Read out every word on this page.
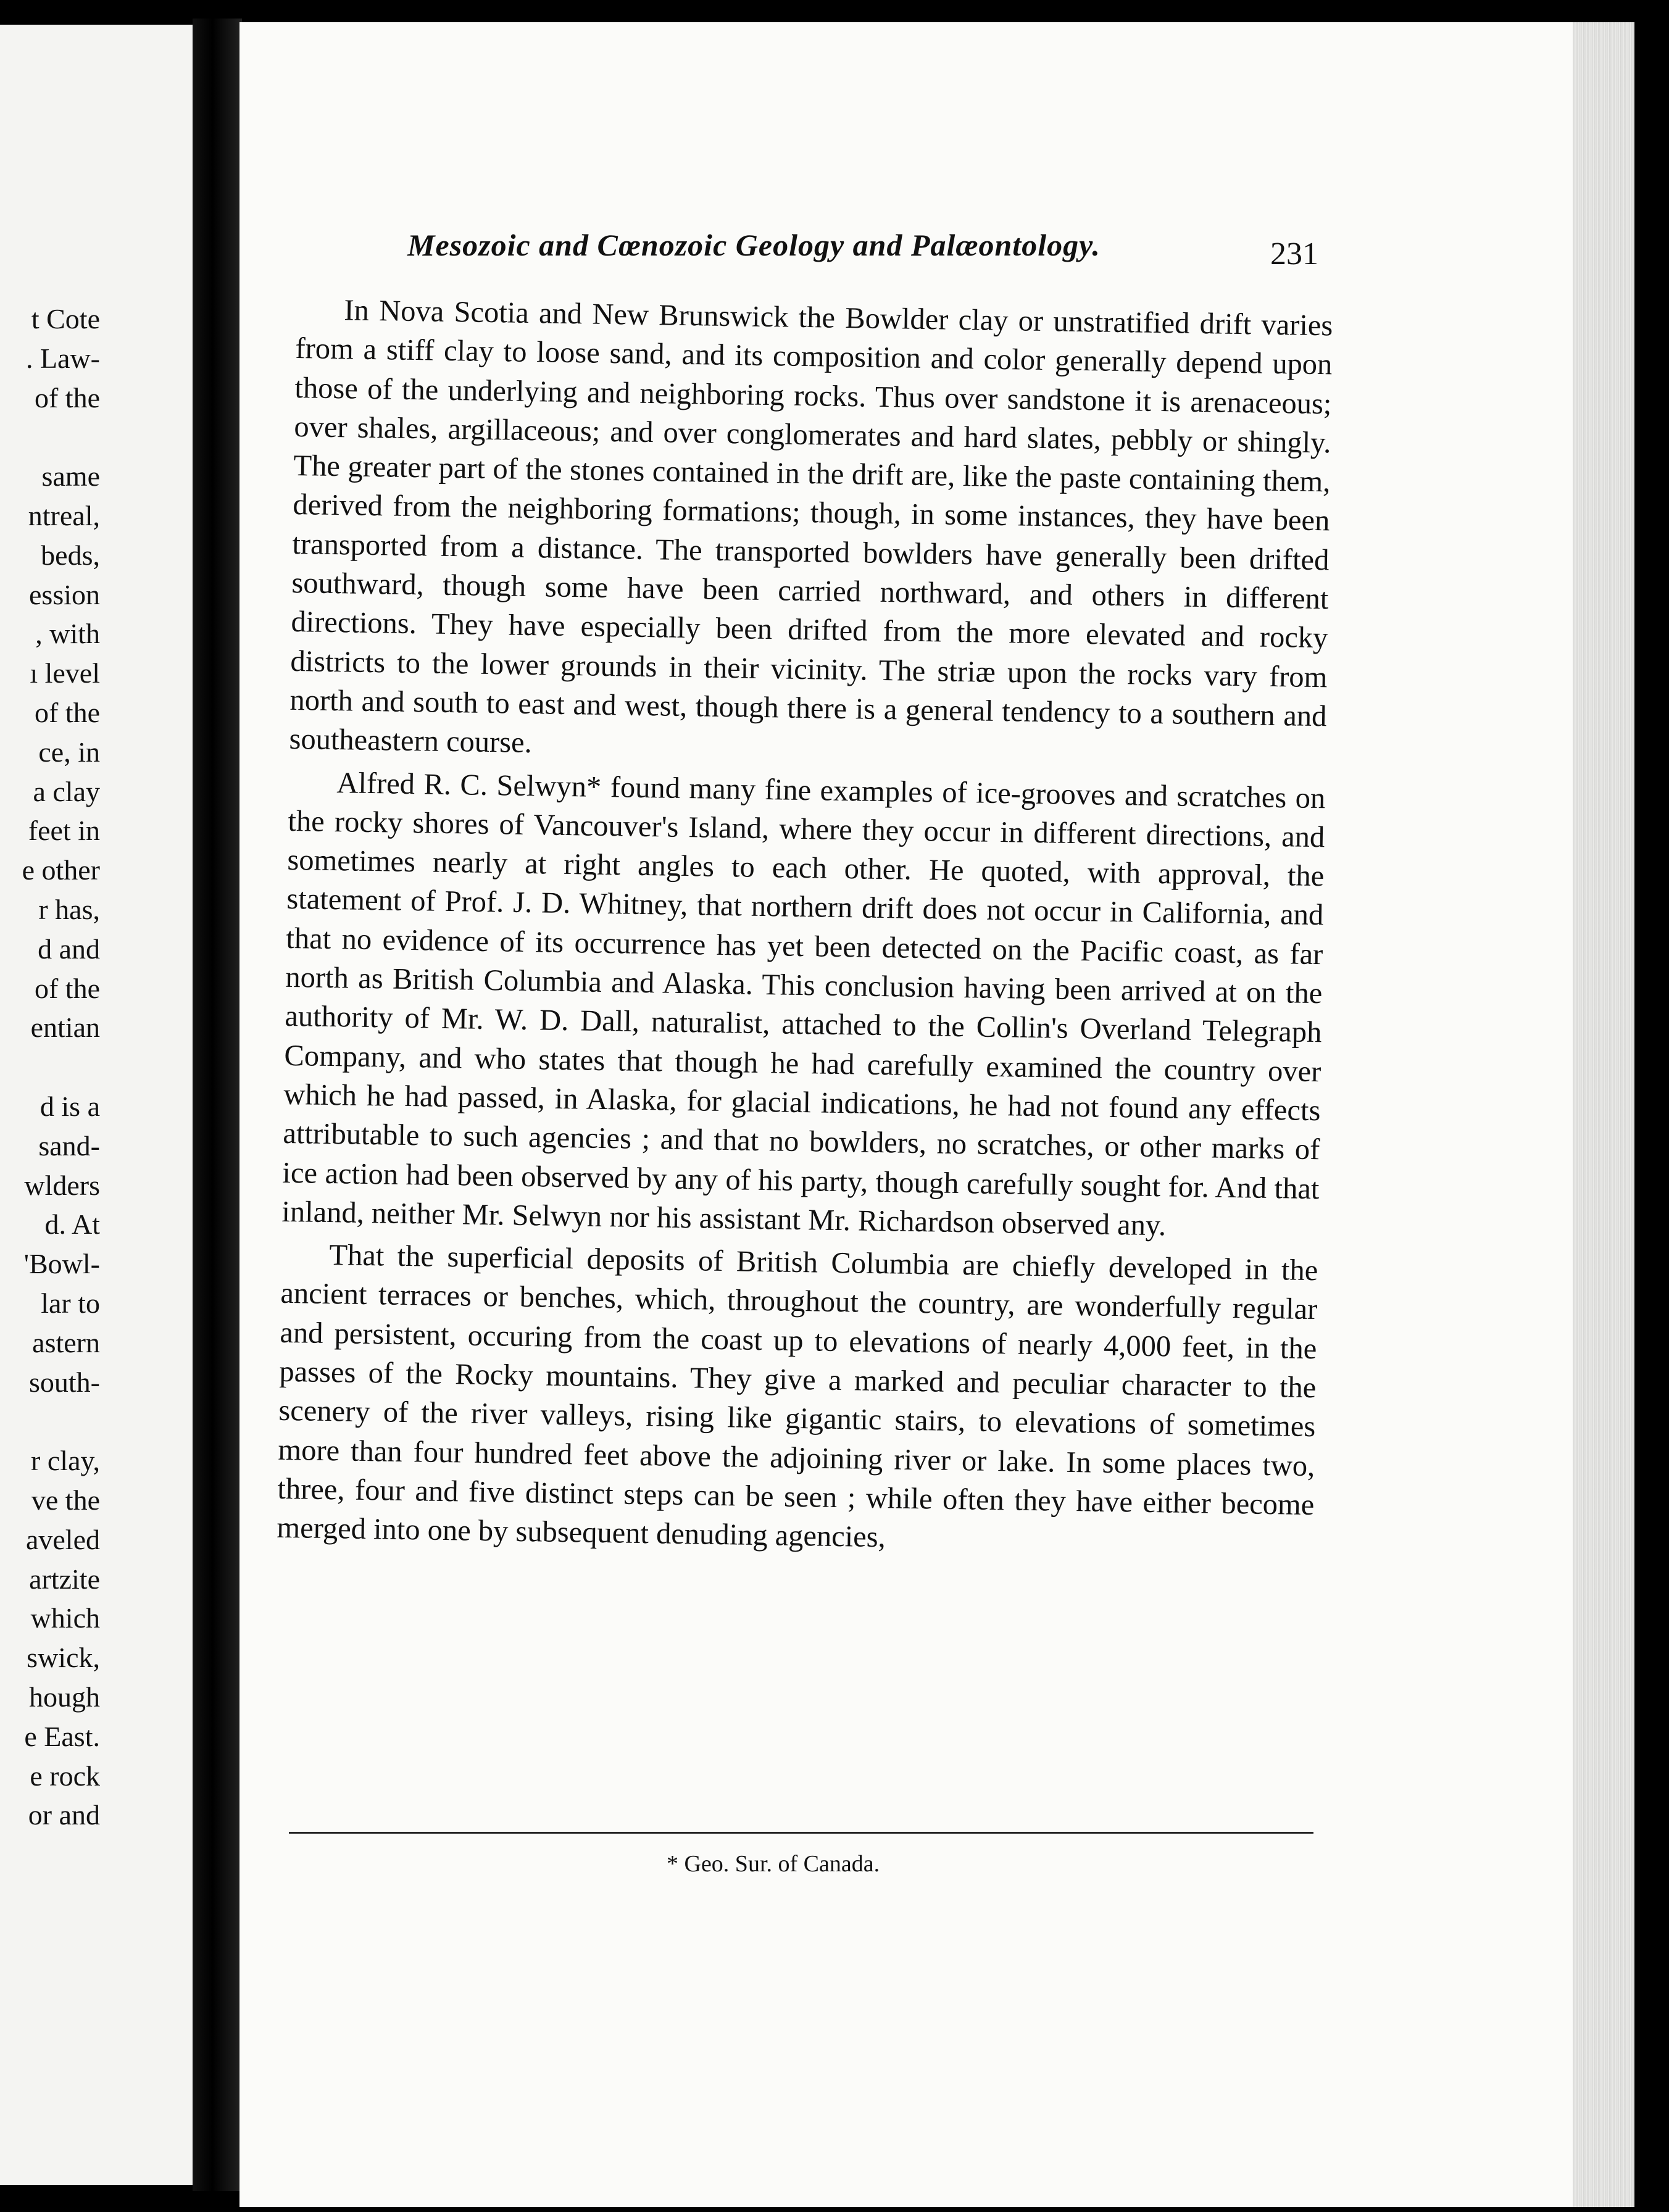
t Cote
. Law-
of the
same
ntreal,
beds,
ession
, with
ı level
of the
ce, in
a clay
feet in
e other
r has,
d and
of the
entian
d is a
sand-
wlders
d. At
'Bowl-
lar to
astern
south-
r clay,
ve the
aveled
artzite
which
swick,
hough
e East.
e rock
or and
Mesozoic and Cœnozoic Geology and Palæontology.	231

In Nova Scotia and New Brunswick the Bowlder clay or unstratified drift varies from a stiff clay to loose sand, and its composition and color generally depend upon those of the underlying and neighboring rocks. Thus over sandstone it is arenaceous; over shales, argillaceous; and over conglomerates and hard slates, pebbly or shingly. The greater part of the stones contained in the drift are, like the paste containing them, derived from the neighboring formations; though, in some instances, they have been transported from a distance. The transported bowlders have generally been drifted southward, though some have been carried northward, and others in different directions. They have especially been drifted from the more elevated and rocky districts to the lower grounds in their vicinity. The striæ upon the rocks vary from north and south to east and west, though there is a general tendency to a southern and southeastern course.

Alfred R. C. Selwyn* found many fine examples of ice-grooves and scratches on the rocky shores of Vancouver's Island, where they occur in different directions, and sometimes nearly at right angles to each other. He quoted, with approval, the statement of Prof. J. D. Whitney, that northern drift does not occur in California, and that no evidence of its occurrence has yet been detected on the Pacific coast, as far north as British Columbia and Alaska. This conclusion having been arrived at on the authority of Mr. W. D. Dall, naturalist, attached to the Collin's Overland Telegraph Company, and who states that though he had carefully examined the country over which he had passed, in Alaska, for glacial indications, he had not found any effects attributable to such agencies ; and that no bowlders, no scratches, or other marks of ice action had been observed by any of his party, though carefully sought for. And that inland, neither Mr. Selwyn nor his assistant Mr. Richardson observed any.

That the superficial deposits of British Columbia are chiefly developed in the ancient terraces or benches, which, throughout the country, are wonderfully regular and persistent, occuring from the coast up to elevations of nearly 4,000 feet, in the passes of the Rocky mountains. They give a marked and peculiar character to the scenery of the river valleys, rising like gigantic stairs, to elevations of sometimes more than four hundred feet above the adjoining river or lake. In some places two, three, four and five distinct steps can be seen ; while often they have either become merged into one by subsequent denuding agencies,

* Geo. Sur. of Canada.
